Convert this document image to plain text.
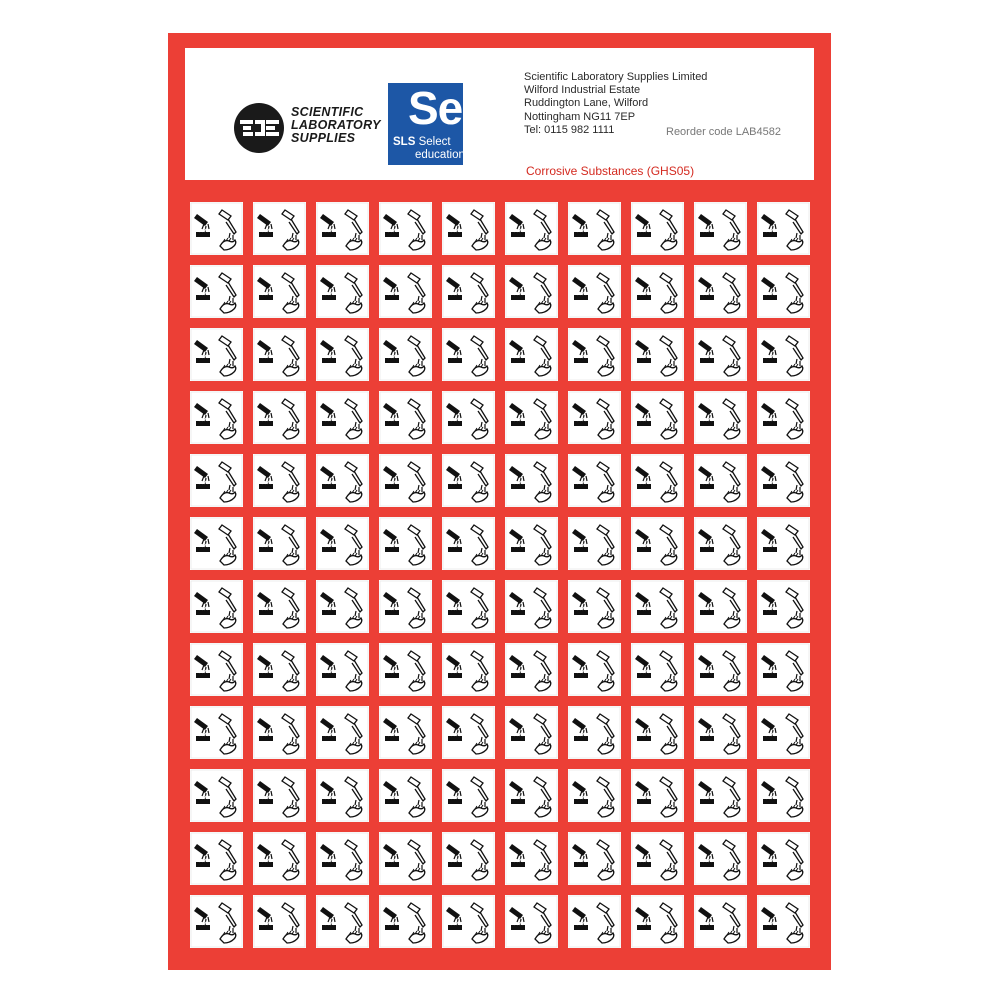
SCIENTIFIC
LABORATORY
SUPPLIES
Se
SLS Select
education
Scientific Laboratory Supplies Limited
Wilford Industrial Estate
Ruddington Lane, Wilford
Nottingham NG11 7EP
Tel: 0115 982 1111	Reorder code LAB4582
Corrosive Substances (GHS05)
